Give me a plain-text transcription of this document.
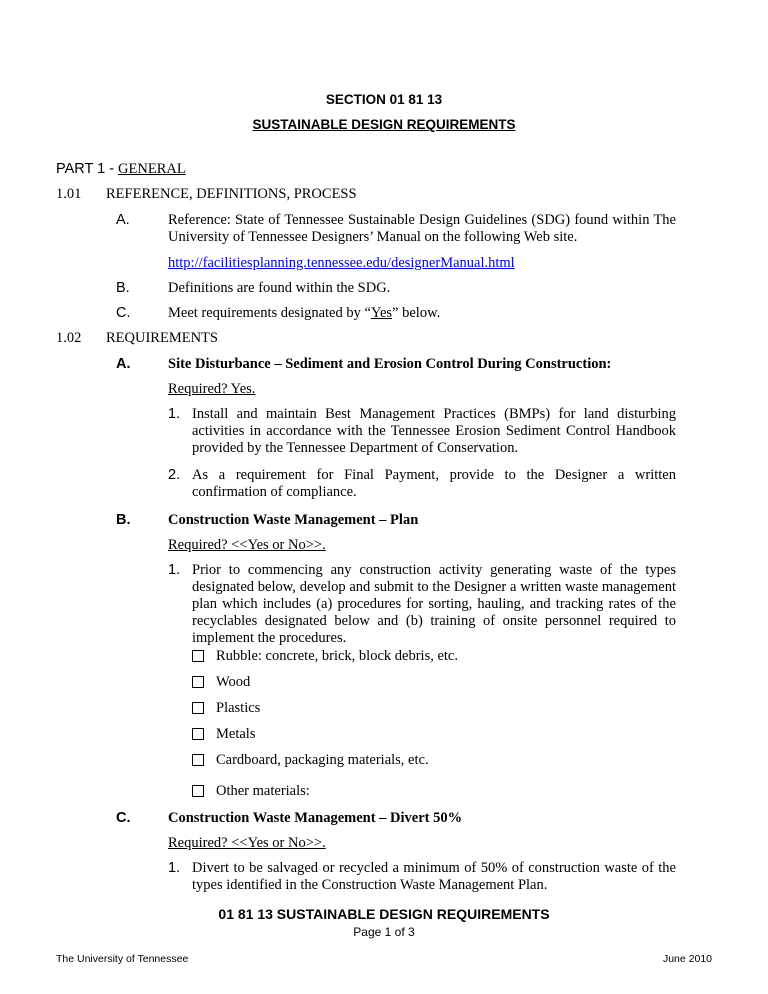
SECTION 01 81 13
SUSTAINABLE DESIGN REQUIREMENTS
PART 1 - GENERAL
1.01 REFERENCE, DEFINITIONS, PROCESS
A.	Reference: State of Tennessee Sustainable Design Guidelines (SDG) found within The University of Tennessee Designers’ Manual on the following Web site.
http://facilitiesplanning.tennessee.edu/designerManual.html
B.	Definitions are found within the SDG.
C.	Meet requirements designated by “Yes” below.
1.02 REQUIREMENTS
A.	Site Disturbance – Sediment and Erosion Control During Construction:
Required? Yes.
1. Install and maintain Best Management Practices (BMPs) for land disturbing activities in accordance with the Tennessee Erosion Sediment Control Handbook provided by the Tennessee Department of Conservation.
2. As a requirement for Final Payment, provide to the Designer a written confirmation of compliance.
B.	Construction Waste Management – Plan
Required? <<Yes or No>>.
1. Prior to commencing any construction activity generating waste of the types designated below, develop and submit to the Designer a written waste management plan which includes (a) procedures for sorting, hauling, and tracking rates of the recyclables designated below and (b) training of onsite personnel required to implement the procedures.
Rubble: concrete, brick, block debris, etc.
Wood
Plastics
Metals
Cardboard, packaging materials, etc.
Other materials:
C.	Construction Waste Management – Divert 50%
Required? <<Yes or No>>.
1. Divert to be salvaged or recycled a minimum of 50% of construction waste of the types identified in the Construction Waste Management Plan.
01 81 13 SUSTAINABLE DESIGN REQUIREMENTS
Page 1 of 3
The University of Tennessee	June 2010
